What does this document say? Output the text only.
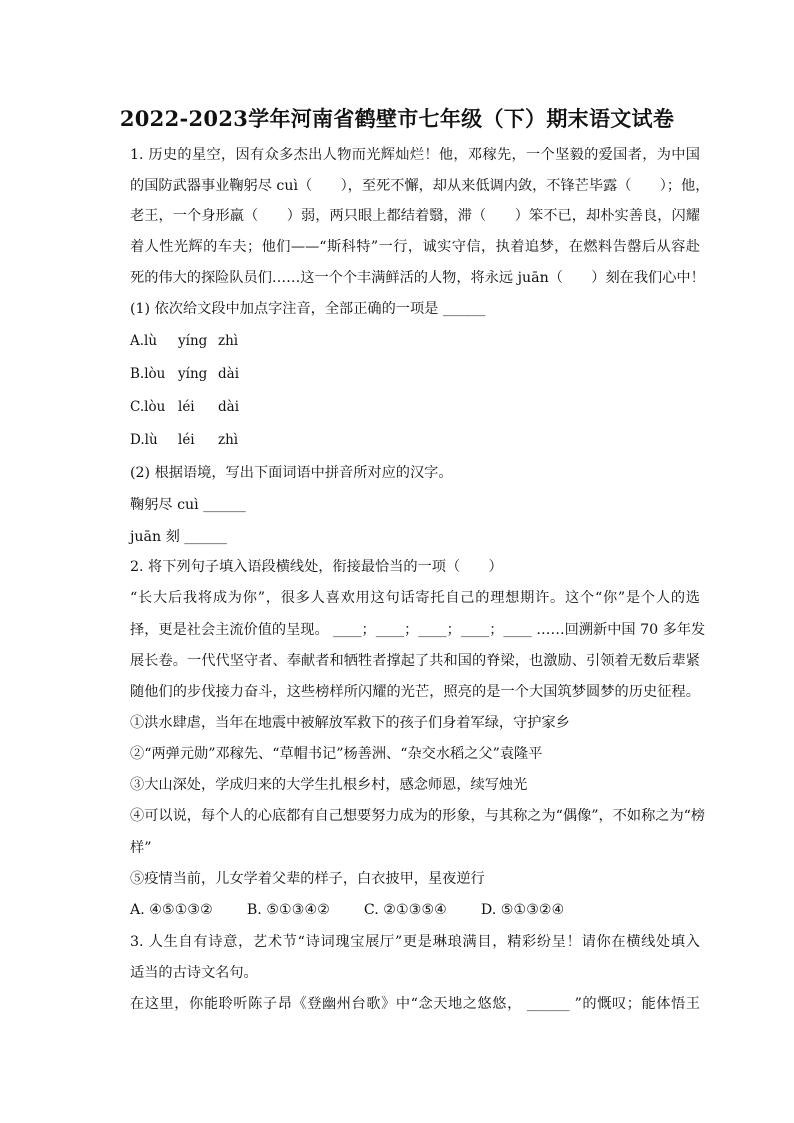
2022-2023学年河南省鹤壁市七年级（下）期末语文试卷
1. 历史的星空，因有众多杰出人物而光辉灿烂！他，邓稼先，一个坚毅的爱国者，为中国
的国防武器事业鞠躬尽 cuì（　　），至死不懈，却从来低调内敛，不锋芒毕露（　　）；他，
老王，一个身形羸（　　）弱，两只眼上都结着翳，滞（　　）笨不已，却朴实善良，闪耀
着人性光辉的车夫；他们——“斯科特”一行，诚实守信，执着追梦，在燃料告罄后从容赴
死的伟大的探险队员们……这一个个丰满鲜活的人物，将永远 juān（　　）刻在我们心中！
(1) 依次给文段中加点字注音，全部正确的一项是 ______
A.lù yíng zhì
B.lòu yíng dài
C.lòu léi dài
D.lù léi zhì
(2) 根据语境，写出下面词语中拼音所对应的汉字。
鞠躬尽 cuì ______
juān 刻 ______
2. 将下列句子填入语段横线处，衔接最恰当的一项（　　）
“长大后我将成为你”，很多人喜欢用这句话寄托自己的理想期许。这个“你”是个人的选
择，更是社会主流价值的呈现。 ____；____；____；____；____ ……回溯新中国 70 多年发
展长卷。一代代坚守者、奉献者和牺牲者撑起了共和国的脊梁，也激励、引领着无数后辈紧
随他们的步伐接力奋斗，这些榜样所闪耀的光芒，照亮的是一个大国筑梦圆梦的历史征程。
①洪水肆虐，当年在地震中被解放军救下的孩子们身着军绿，守护家乡
②“两弹元勋”邓稼先、“草帽书记”杨善洲、“杂交水稻之父”袁隆平
③大山深处，学成归来的大学生扎根乡村，感念师恩，续写烛光
④可以说，每个人的心底都有自己想要努力成为的形象，与其称之为“偶像”，不如称之为“榜
样”
⑤疫情当前，儿女学着父辈的样子，白衣披甲，星夜逆行
A. ④⑤①③② B. ⑤①③④② C. ②①③⑤④ D. ⑤①③②④
3. 人生自有诗意，艺术节“诗词瑰宝展厅”更是琳琅满目，精彩纷呈！请你在横线处填入
适当的古诗文名句。
在这里，你能聆听陈子昂《登幽州台歌》中“念天地之悠悠， ______ ”的慨叹；能体悟王
